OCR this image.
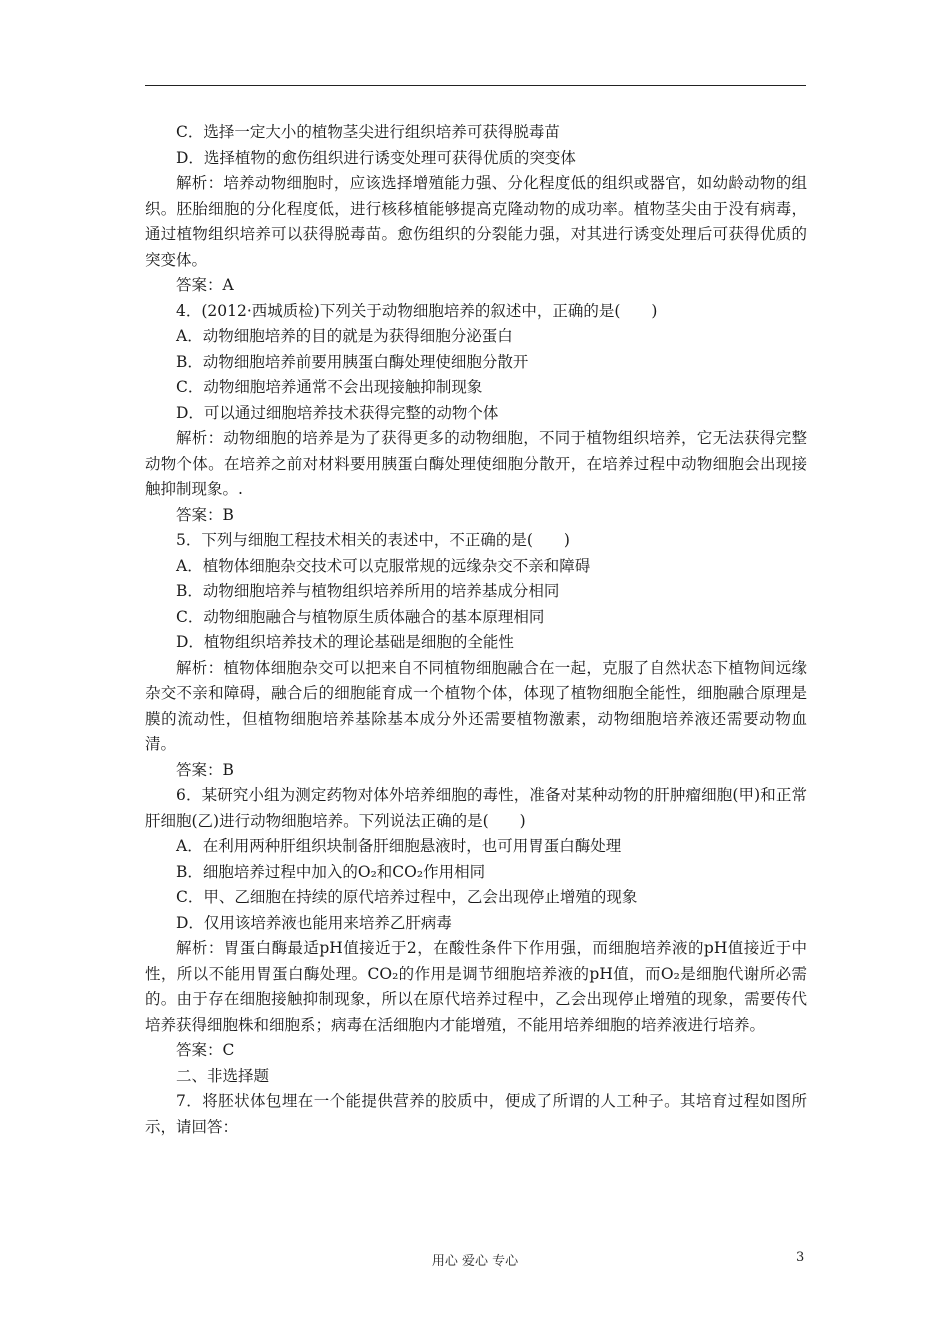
C．选择一定大小的植物茎尖进行组织培养可获得脱毒苗

D．选择植物的愈伤组织进行诱变处理可获得优质的突变体

解析：培养动物细胞时，应该选择增殖能力强、分化程度低的组织或器官，如幼龄动物的组织。胚胎细胞的分化程度低，进行核移植能够提高克隆动物的成功率。植物茎尖由于没有病毒，通过植物组织培养可以获得脱毒苗。愈伤组织的分裂能力强，对其进行诱变处理后可获得优质的突变体。

答案：A

4．(2012·西城质检)下列关于动物细胞培养的叙述中，正确的是(　　)

A．动物细胞培养的目的就是为获得细胞分泌蛋白

B．动物细胞培养前要用胰蛋白酶处理使细胞分散开

C．动物细胞培养通常不会出现接触抑制现象

D．可以通过细胞培养技术获得完整的动物个体

解析：动物细胞的培养是为了获得更多的动物细胞，不同于植物组织培养，它无法获得完整动物个体。在培养之前对材料要用胰蛋白酶处理使细胞分散开，在培养过程中动物细胞会出现接触抑制现象。.

答案：B

5．下列与细胞工程技术相关的表述中，不正确的是(　　)

A．植物体细胞杂交技术可以克服常规的远缘杂交不亲和障碍

B．动物细胞培养与植物组织培养所用的培养基成分相同

C．动物细胞融合与植物原生质体融合的基本原理相同

D．植物组织培养技术的理论基础是细胞的全能性

解析：植物体细胞杂交可以把来自不同植物细胞融合在一起，克服了自然状态下植物间远缘杂交不亲和障碍，融合后的细胞能育成一个植物个体，体现了植物细胞全能性，细胞融合原理是膜的流动性，但植物细胞培养基除基本成分外还需要植物激素，动物细胞培养液还需要动物血清。

答案：B

6．某研究小组为测定药物对体外培养细胞的毒性，准备对某种动物的肝肿瘤细胞(甲)和正常肝细胞(乙)进行动物细胞培养。下列说法正确的是(　　)

A．在利用两种肝组织块制备肝细胞悬液时，也可用胃蛋白酶处理

B．细胞培养过程中加入的O₂和CO₂作用相同

C．甲、乙细胞在持续的原代培养过程中，乙会出现停止增殖的现象

D．仅用该培养液也能用来培养乙肝病毒

解析：胃蛋白酶最适pH值接近于2，在酸性条件下作用强，而细胞培养液的pH值接近于中性，所以不能用胃蛋白酶处理。CO₂的作用是调节细胞培养液的pH值，而O₂是细胞代谢所必需的。由于存在细胞接触抑制现象，所以在原代培养过程中，乙会出现停止增殖的现象，需要传代培养获得细胞株和细胞系；病毒在活细胞内才能增殖，不能用培养细胞的培养液进行培养。

答案：C

二、非选择题

7．将胚状体包埋在一个能提供营养的胶质中，便成了所谓的人工种子。其培育过程如图所示，请回答：

用心 爱心 专心	3
